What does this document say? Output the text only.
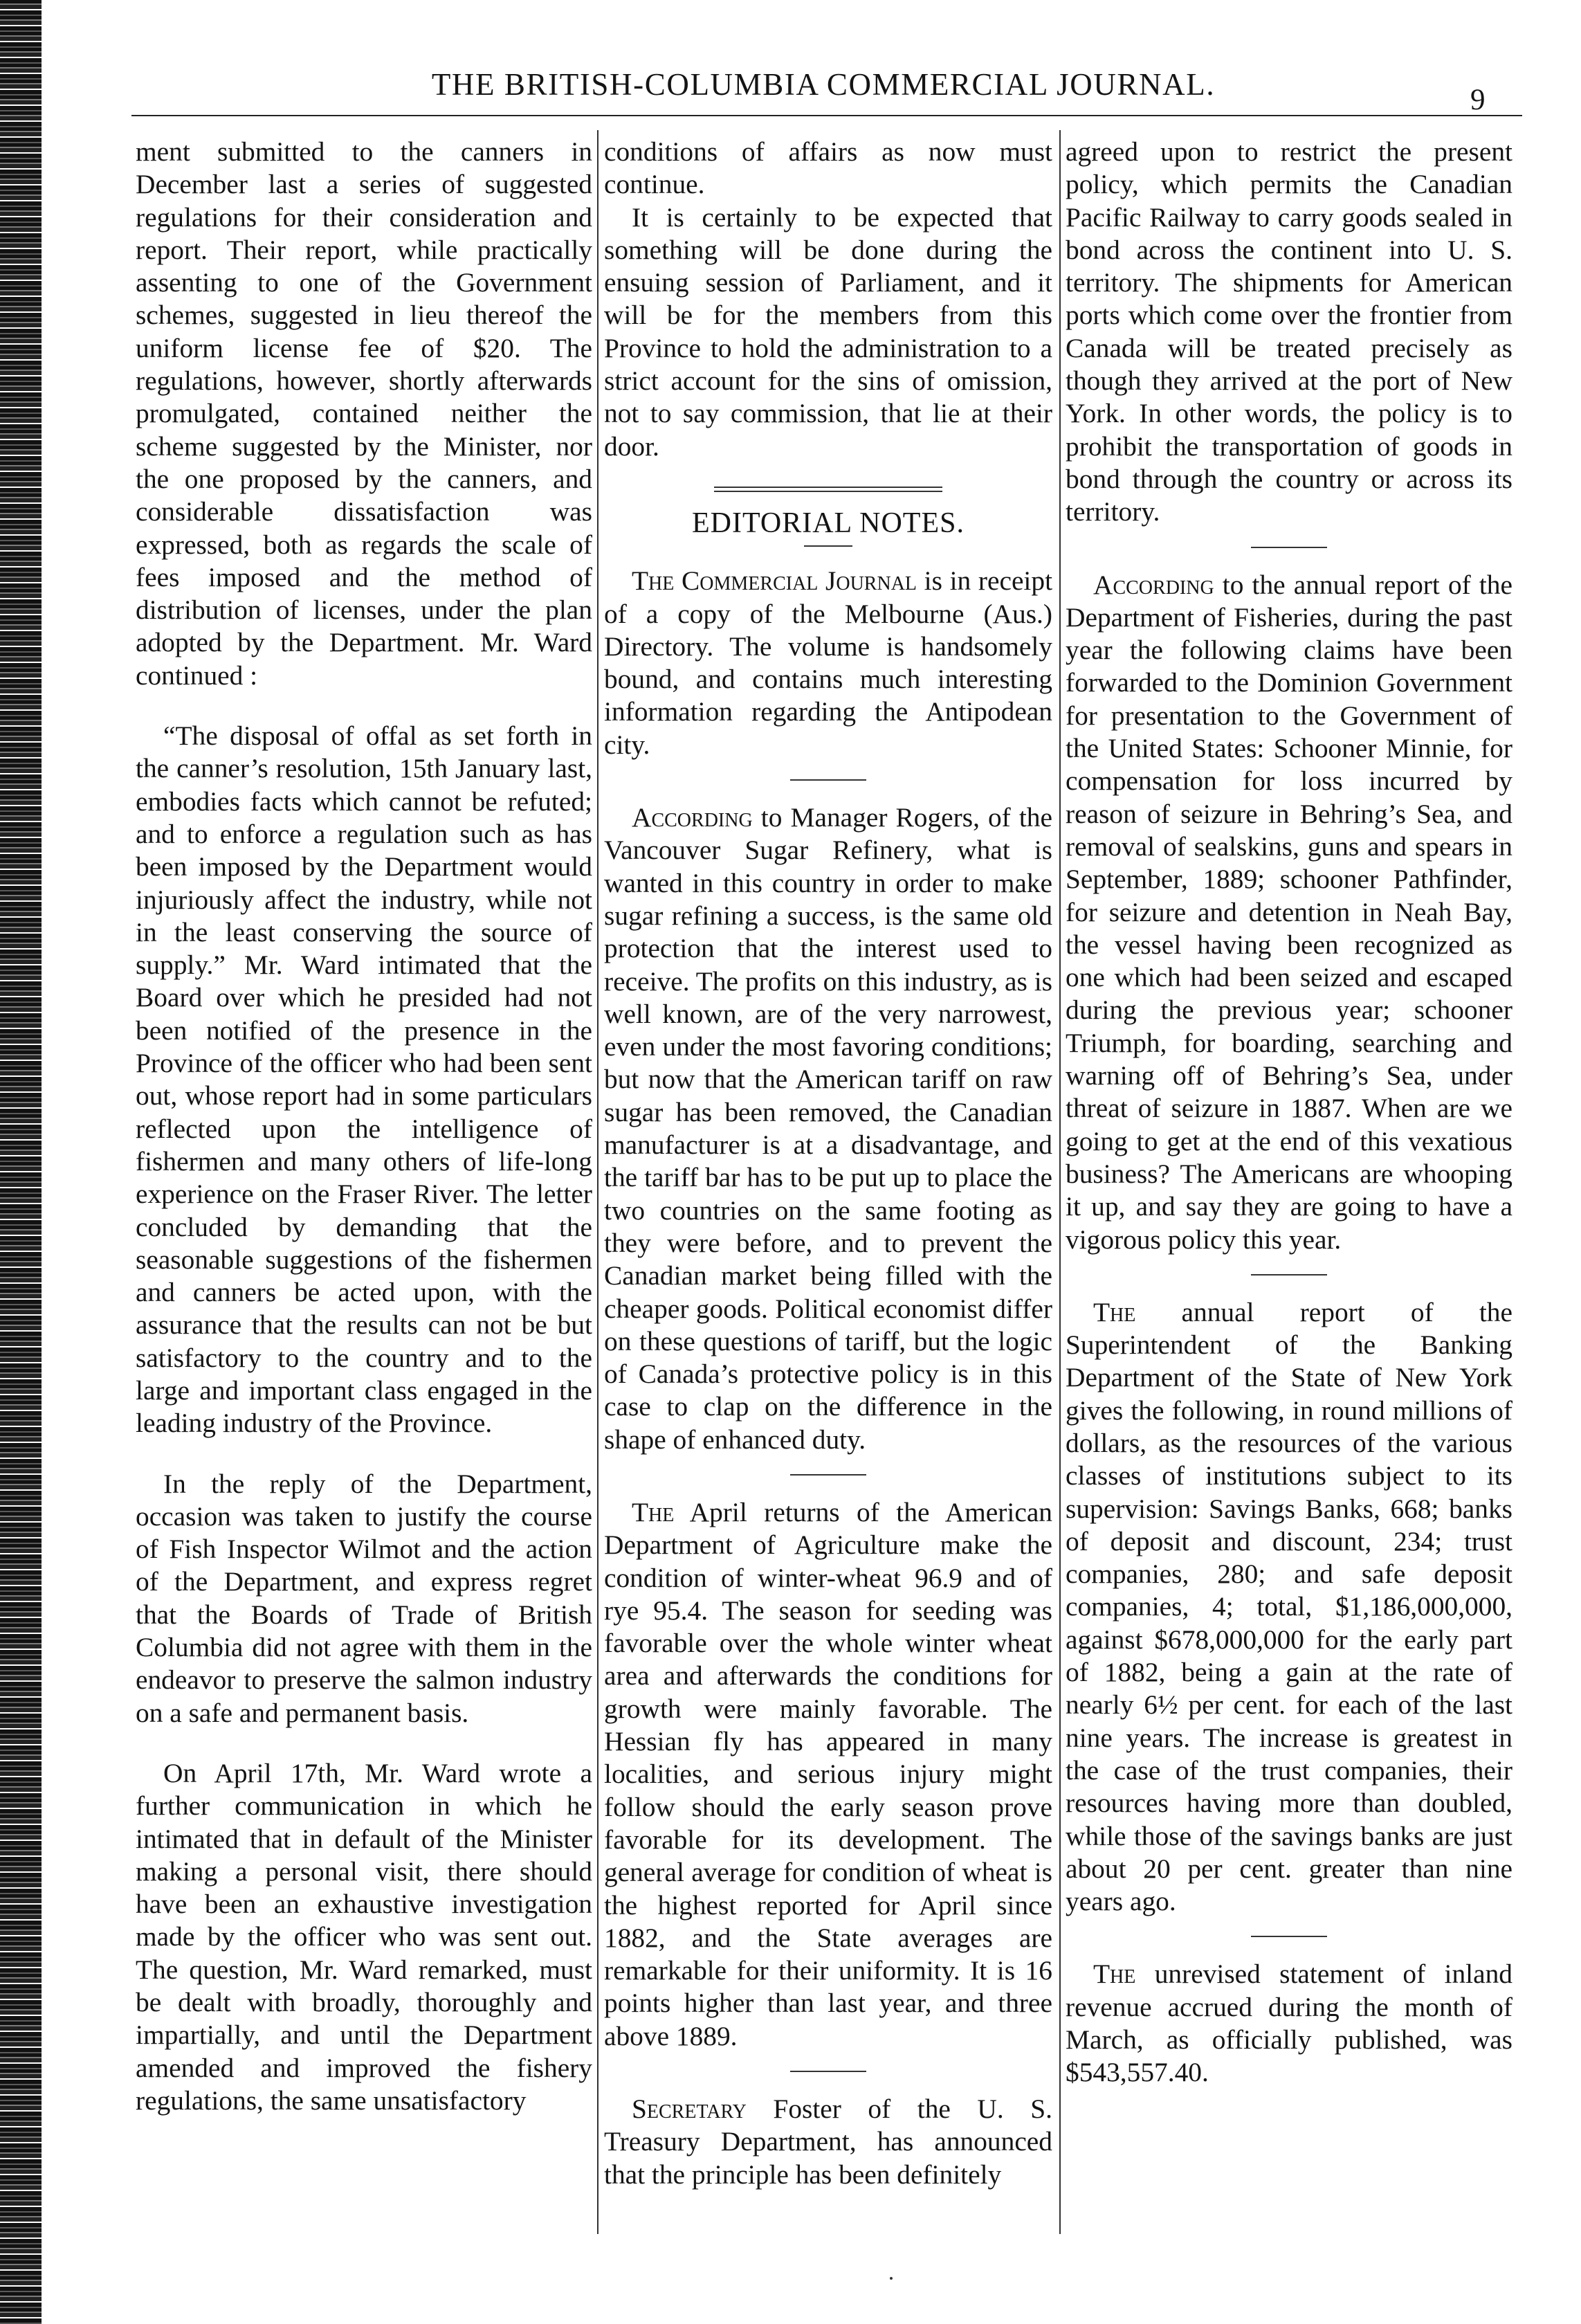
THE BRITISH-COLUMBIA COMMERCIAL JOURNAL.	9

ment submitted to the canners in December last a series of suggested regulations for their consideration and report. Their report, while practically assenting to one of the Government schemes, suggested in lieu thereof the uniform license fee of $20. The regulations, however, shortly afterwards promulgated, contained neither the scheme suggested by the Minister, nor the one proposed by the canners, and considerable dissatisfaction was expressed, both as regards the scale of fees imposed and the method of distribution of licenses, under the plan adopted by the Department. Mr. Ward continued :

“The disposal of offal as set forth in the canner’s resolution, 15th January last, embodies facts which cannot be refuted; and to enforce a regulation such as has been imposed by the Department would injuriously affect the industry, while not in the least conserving the source of supply.” Mr. Ward intimated that the Board over which he presided had not been notified of the presence in the Province of the officer who had been sent out, whose report had in some particulars reflected upon the intelligence of fishermen and many others of life-long experience on the Fraser River. The letter concluded by demanding that the seasonable suggestions of the fishermen and canners be acted upon, with the assurance that the results can not be but satisfactory to the country and to the large and important class engaged in the leading industry of the Province.

In the reply of the Department, occasion was taken to justify the course of Fish Inspector Wilmot and the action of the Department, and express regret that the Boards of Trade of British Columbia did not agree with them in the endeavor to preserve the salmon industry on a safe and permanent basis.

On April 17th, Mr. Ward wrote a further communication in which he intimated that in default of the Minister making a personal visit, there should have been an exhaustive investigation made by the officer who was sent out. The question, Mr. Ward remarked, must be dealt with broadly, thoroughly and impartially, and until the Department amended and improved the fishery regulations, the same unsatisfactory

conditions of affairs as now must continue.

It is certainly to be expected that something will be done during the ensuing session of Parliament, and it will be for the members from this Province to hold the administration to a strict account for the sins of omission, not to say commission, that lie at their door.

EDITORIAL NOTES.

The Commercial Journal is in receipt of a copy of the Melbourne (Aus.) Directory. The volume is handsomely bound, and contains much interesting information regarding the Antipodean city.

According to Manager Rogers, of the Vancouver Sugar Refinery, what is wanted in this country in order to make sugar refining a success, is the same old protection that the interest used to receive. The profits on this industry, as is well known, are of the very narrowest, even under the most favoring conditions; but now that the American tariff on raw sugar has been removed, the Canadian manufacturer is at a disadvantage, and the tariff bar has to be put up to place the two countries on the same footing as they were before, and to prevent the Canadian market being filled with the cheaper goods. Political economist differ on these questions of tariff, but the logic of Canada’s protective policy is in this case to clap on the difference in the shape of enhanced duty.

The April returns of the American Department of Agriculture make the condition of winter-wheat 96.9 and of rye 95.4. The season for seeding was favorable over the whole winter wheat area and afterwards the conditions for growth were mainly favorable. The Hessian fly has appeared in many localities, and serious injury might follow should the early season prove favorable for its development. The general average for condition of wheat is the highest reported for April since 1882, and the State averages are remarkable for their uniformity. It is 16 points higher than last year, and three above 1889.

Secretary Foster of the U. S. Treasury Department, has announced that the principle has been definitely

agreed upon to restrict the present policy, which permits the Canadian Pacific Railway to carry goods sealed in bond across the continent into U. S. territory. The shipments for American ports which come over the frontier from Canada will be treated precisely as though they arrived at the port of New York. In other words, the policy is to prohibit the transportation of goods in bond through the country or across its territory.

According to the annual report of the Department of Fisheries, during the past year the following claims have been forwarded to the Dominion Government for presentation to the Government of the United States: Schooner Minnie, for compensation for loss incurred by reason of seizure in Behring’s Sea, and removal of sealskins, guns and spears in September, 1889; schooner Pathfinder, for seizure and detention in Neah Bay, the vessel having been recognized as one which had been seized and escaped during the previous year; schooner Triumph, for boarding, searching and warning off of Behring’s Sea, under threat of seizure in 1887. When are we going to get at the end of this vexatious business? The Americans are whooping it up, and say they are going to have a vigorous policy this year.

The annual report of the Superintendent of the Banking Department of the State of New York gives the following, in round millions of dollars, as the resources of the various classes of institutions subject to its supervision: Savings Banks, 668; banks of deposit and discount, 234; trust companies, 280; and safe deposit companies, 4; total, $1,186,000,000, against $678,000,000 for the early part of 1882, being a gain at the rate of nearly 6½ per cent. for each of the last nine years. The increase is greatest in the case of the trust companies, their resources having more than doubled, while those of the savings banks are just about 20 per cent. greater than nine years ago.

The unrevised statement of inland revenue accrued during the month of March, as officially published, was $543,557.40.
